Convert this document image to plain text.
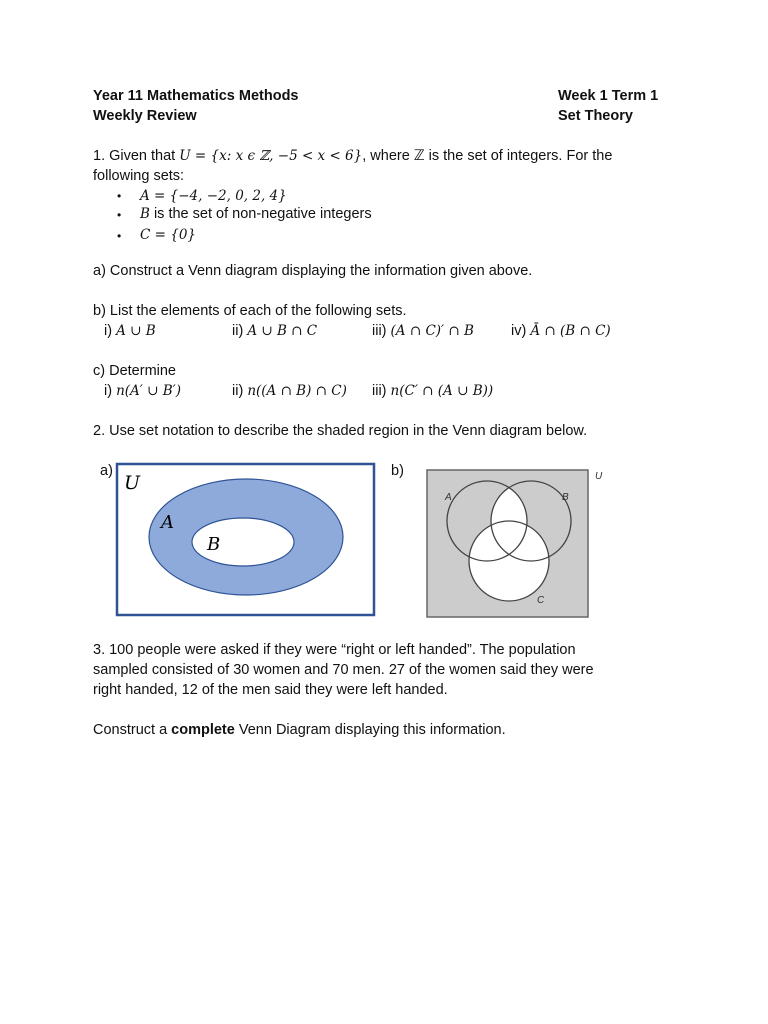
Year 11 Mathematics Methods
Weekly Review
Week 1 Term 1
Set Theory
1. Given that U = {x: x ϵ ℤ, −5 < x < 6}, where ℤ is the set of integers. For the
following sets:
• A = {−4, −2, 0, 2, 4}
• B is the set of non-negative integers
• C = {0}
a) Construct a Venn diagram displaying the information given above.
b) List the elements of each of the following sets.
i) A ∪ B	ii) A ∪ B ∩ C	iii) (A ∩ C)′ ∩ B	iv) Ā ∩ (B ∩ C)
c) Determine
i) n(A′ ∪ B′)	ii) n((A ∩ B) ∩ C) iii) n(C′ ∩ (A ∪ B))
2. Use set notation to describe the shaded region in the Venn diagram below.
a)
U
A
B
b)	U
A	B
C
3. 100 people were asked if they were “right or left handed”. The population
sampled consisted of 30 women and 70 men. 27 of the women said they were
right handed, 12 of the men said they were left handed.
Construct a complete Venn Diagram displaying this information.
